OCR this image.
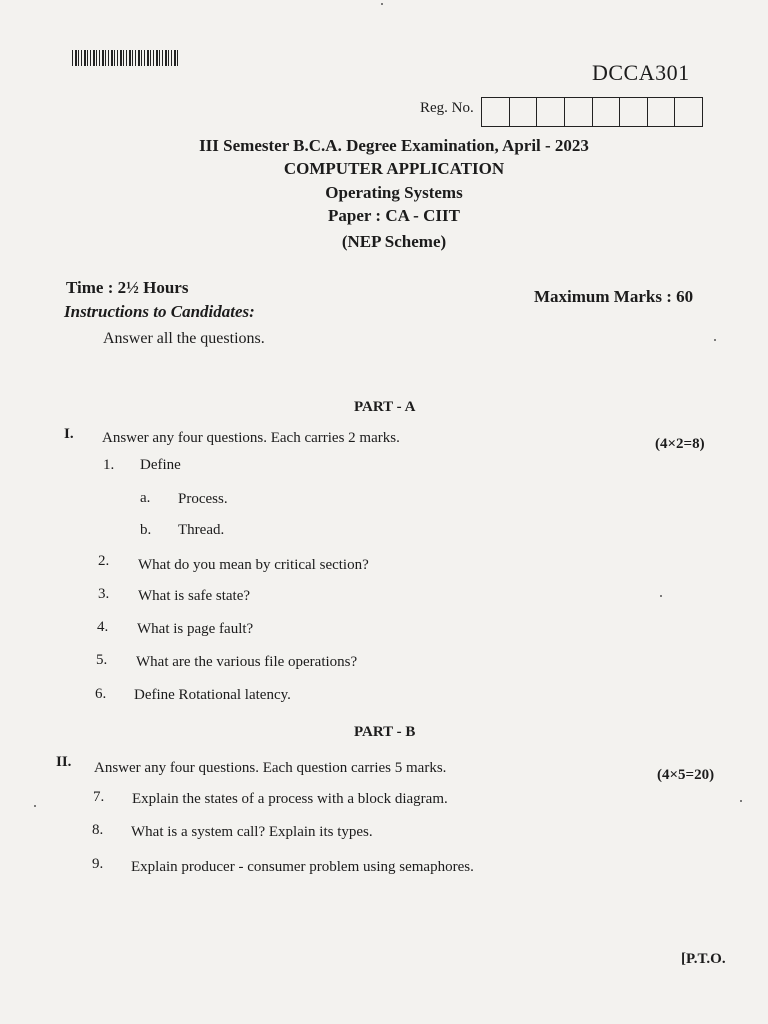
DCCA301
Reg. No.
III Semester B.C.A. Degree Examination, April - 2023
COMPUTER APPLICATION
Operating Systems
Paper : CA - CIIT
(NEP Scheme)
Time : 2½ Hours	Maximum Marks : 60
Instructions to Candidates:
Answer all the questions.
PART - A
I. Answer any four questions. Each carries 2 marks.	(4×2=8)
1. Define
a. Process.
b. Thread.
2. What do you mean by critical section?
3. What is safe state?
4. What is page fault?
5. What are the various file operations?
6. Define Rotational latency.
PART - B
II. Answer any four questions. Each question carries 5 marks.	(4×5=20)
7. Explain the states of a process with a block diagram.
8. What is a system call? Explain its types.
9. Explain producer - consumer problem using semaphores.
[P.T.O.
